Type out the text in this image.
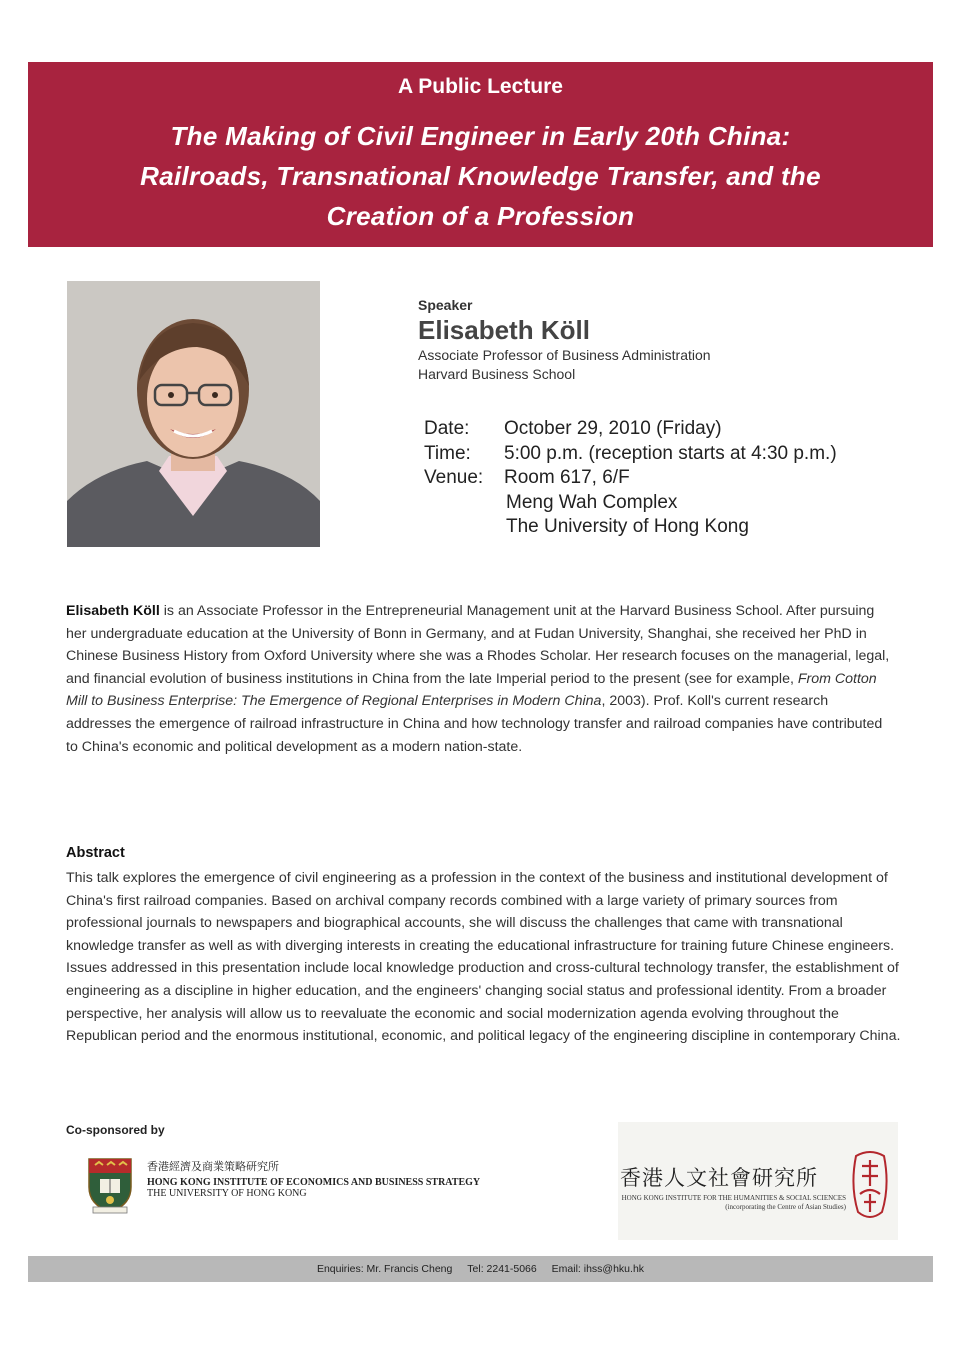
A Public Lecture
The Making of Civil Engineer in Early 20th China:
Railroads, Transnational Knowledge Transfer, and the
Creation of a Profession
Speaker
Elisabeth Köll
Associate Professor of Business Administration
Harvard Business School
Date:	October 29, 2010 (Friday)
Time:	5:00 p.m. (reception starts at 4:30 p.m.)
Venue:	Room 617, 6/F
Meng Wah Complex
The University of Hong Kong
Elisabeth Köll is an Associate Professor in the Entrepreneurial Management unit at the Harvard Business School. After pursuing her undergraduate education at the University of Bonn in Germany, and at Fudan University, Shanghai, she received her PhD in Chinese Business History from Oxford University where she was a Rhodes Scholar. Her research focuses on the managerial, legal, and financial evolution of business institutions in China from the late Imperial period to the present (see for example, From Cotton Mill to Business Enterprise: The Emergence of Regional Enterprises in Modern China, 2003). Prof. Koll's current research addresses the emergence of railroad infrastructure in China and how technology transfer and railroad companies have contributed to China's economic and political development as a modern nation-state.
Abstract
This talk explores the emergence of civil engineering as a profession in the context of the business and institutional development of China's first railroad companies. Based on archival company records combined with a large variety of primary sources from professional journals to newspapers and biographical accounts, she will discuss the challenges that came with transnational knowledge transfer as well as with diverging interests in creating the educational infrastructure for training future Chinese engineers. Issues addressed in this presentation include local knowledge production and cross-cultural technology transfer, the establishment of engineering as a discipline in higher education, and the engineers' changing social status and professional identity. From a broader perspective, her analysis will allow us to reevaluate the economic and social modernization agenda evolving throughout the Republican period and the enormous institutional, economic, and political legacy of the engineering discipline in contemporary China.
Co-sponsored by
香港經濟及商業策略研究所
HONG KONG INSTITUTE OF ECONOMICS AND BUSINESS STRATEGY
THE UNIVERSITY OF HONG KONG
香港人文社會研究所
HONG KONG INSTITUTE FOR THE HUMANITIES & SOCIAL SCIENCES
(incorporating the Centre of Asian Studies)
Enquiries: Mr. Francis Cheng Tel: 2241-5066 Email: ihss@hku.hk
